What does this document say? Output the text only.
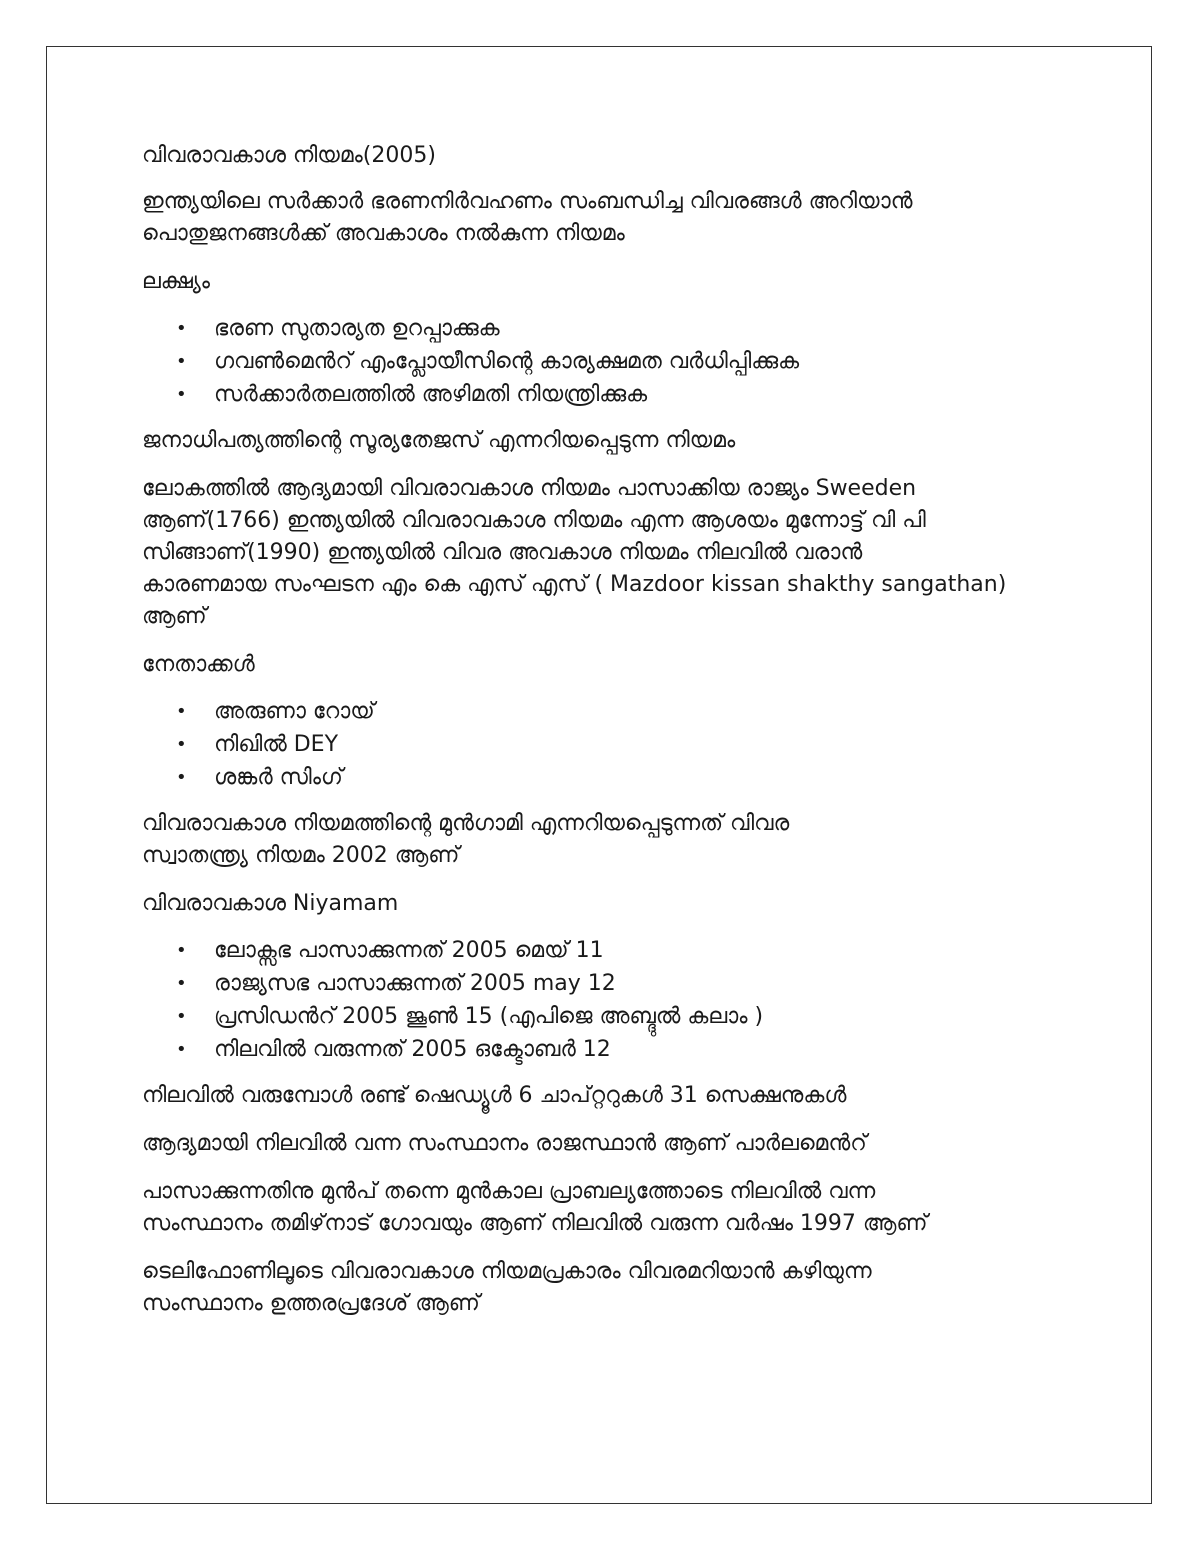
വിവരാവകാശ നിയമം(2005)

ഇന്ത്യയിലെ സർക്കാർ ഭരണനിർവഹണം സംബന്ധിച്ച വിവരങ്ങൾ അറിയാൻ
പൊതുജനങ്ങൾക്ക് അവകാശം നൽകുന്ന നിയമം

ലക്ഷ്യം

• ഭരണ സുതാര്യത ഉറപ്പാക്കുക
• ഗവൺമെൻറ് എംപ്ലോയീസിന്റെ കാര്യക്ഷമത വർധിപ്പിക്കുക
• സർക്കാർതലത്തിൽ അഴിമതി നിയന്ത്രിക്കുക

ജനാധിപത്യത്തിന്റെ സൂര്യതേജസ് എന്നറിയപ്പെടുന്ന നിയമം

ലോകത്തിൽ ആദ്യമായി വിവരാവകാശ നിയമം പാസാക്കിയ രാജ്യം Sweeden
ആണ്(1766) ഇന്ത്യയിൽ വിവരാവകാശ നിയമം എന്ന ആശയം മുന്നോട്ട് വി പി
സിങ്ങാണ്(1990) ഇന്ത്യയിൽ വിവര അവകാശ നിയമം നിലവിൽ വരാൻ
കാരണമായ സംഘടന എം കെ എസ് എസ് ( Mazdoor kissan shakthy sangathan) ആണ്

നേതാക്കൾ

• അരുണാ റോയ്
• നിഖിൽ DEY
• ശങ്കർ സിംഗ്

വിവരാവകാശ നിയമത്തിന്റെ മുൻഗാമി എന്നറിയപ്പെടുന്നത് വിവര
സ്വാതന്ത്ര്യ നിയമം 2002 ആണ്

വിവരാവകാശ Niyamam

• ലോക്സഭ പാസാക്കുന്നത് 2005 മെയ് 11
• രാജ്യസഭ പാസാക്കുന്നത് 2005 may 12
• പ്രസിഡൻറ് 2005 ജൂൺ 15 (എപിജെ അബ്ദുൽ കലാം )
• നിലവിൽ വരുന്നത് 2005 ഒക്ടോബർ 12

നിലവിൽ വരുമ്പോൾ രണ്ട് ഷെഡ്യൂൾ 6 ചാപ്റ്ററുകൾ 31 സെക്ഷനുകൾ

ആദ്യമായി നിലവിൽ വന്ന സംസ്ഥാനം രാജസ്ഥാൻ ആണ് പാർലമെൻറ്

പാസാക്കുന്നതിനു മുൻപ് തന്നെ മുൻകാല പ്രാബല്യത്തോടെ നിലവിൽ വന്ന
സംസ്ഥാനം തമിഴ്‌നാട് ഗോവയും ആണ് നിലവിൽ വരുന്ന വർഷം 1997 ആണ്

ടെലിഫോണിലൂടെ വിവരാവകാശ നിയമപ്രകാരം വിവരമറിയാൻ കഴിയുന്ന
സംസ്ഥാനം ഉത്തരപ്രദേശ് ആണ്
